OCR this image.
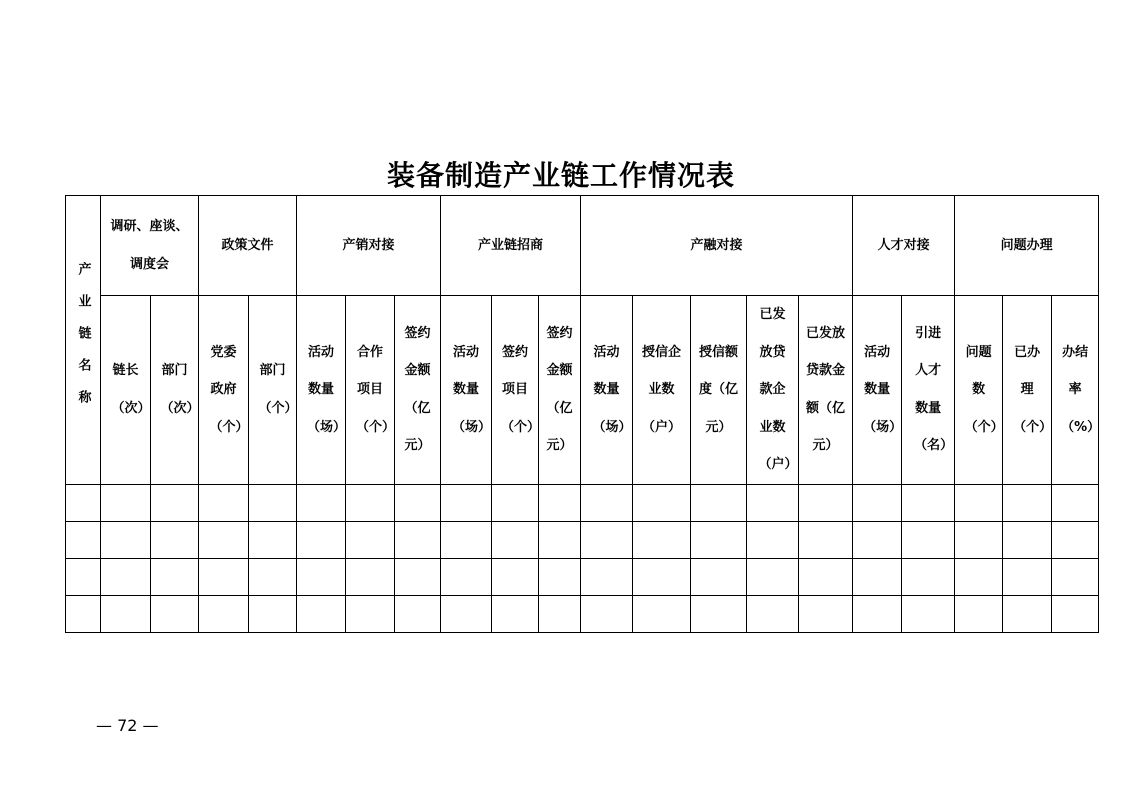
装备制造产业链工作情况表
产业链名称	调研、座谈、调度会		政策文件		产销对接			产业链招商			产融对接					人才对接		问题办理		
	链长（次）	部门（次）	党委政府（个）	部门（个）	活动数量（场）	合作项目（个）	签约金额（亿元）	活动数量（场）	签约项目（个）	签约金额（亿元）	活动数量（场）	授信企业数（户）	授信额度（亿元）	已发放贷款企业数（户）	已发放贷款金额（亿元）	活动数量（场）	引进人才数量（名）	问题数（个）	已办理（个）	办结率（%）

— 72 —
